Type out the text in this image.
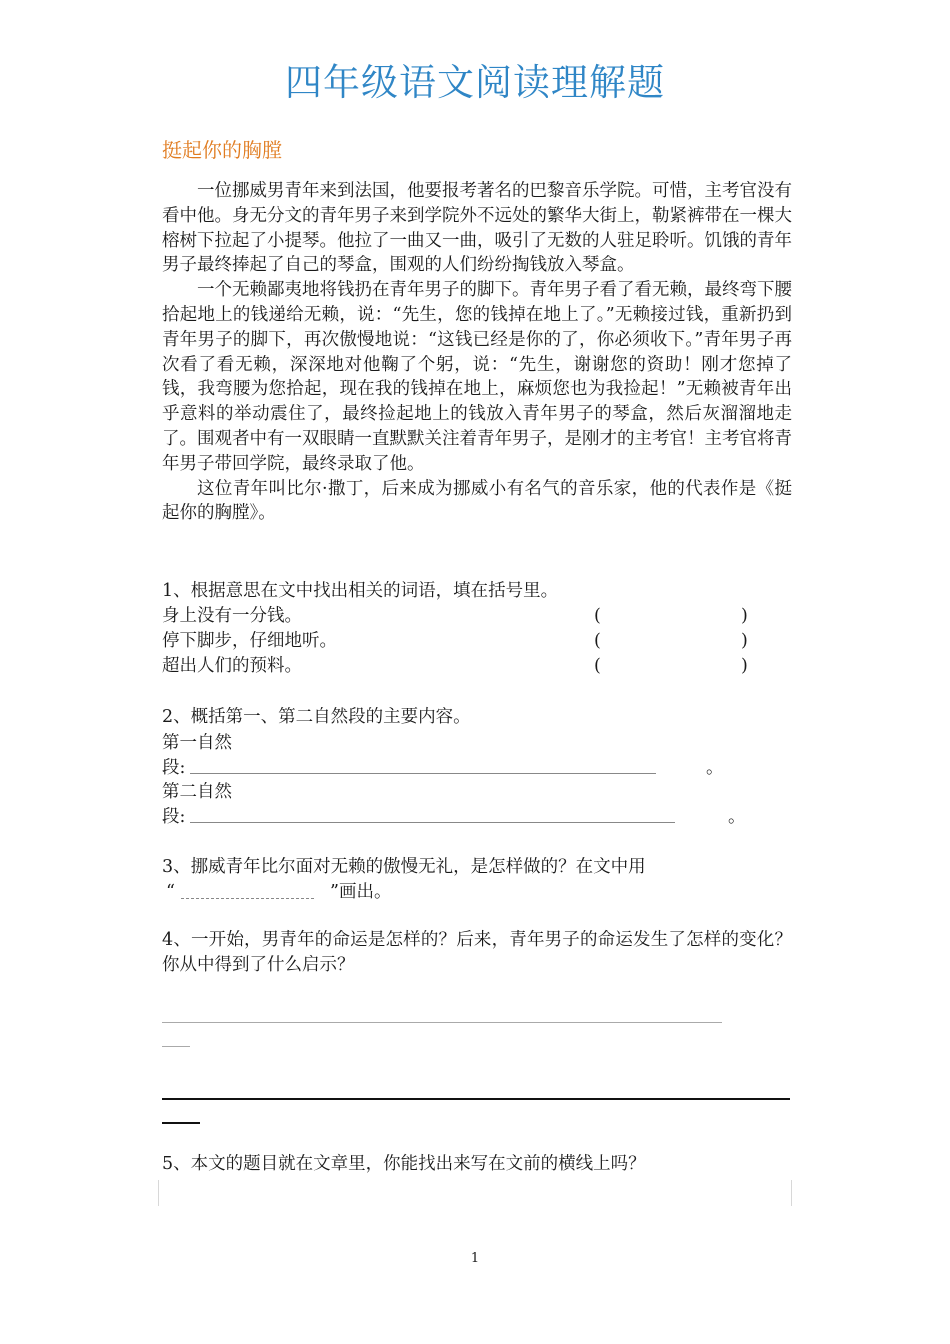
四年级语文阅读理解题
挺起你的胸膛

一位挪威男青年来到法国，他要报考著名的巴黎音乐学院。可惜，主考官没有看中他。身无分文的青年男子来到学院外不远处的繁华大街上，勒紧裤带在一棵大榕树下拉起了小提琴。他拉了一曲又一曲，吸引了无数的人驻足聆听。饥饿的青年男子最终捧起了自己的琴盒，围观的人们纷纷掏钱放入琴盒。

一个无赖鄙夷地将钱扔在青年男子的脚下。青年男子看了看无赖，最终弯下腰拾起地上的钱递给无赖，说：“先生，您的钱掉在地上了。”无赖接过钱，重新扔到青年男子的脚下，再次傲慢地说：“这钱已经是你的了，你必须收下。”青年男子再次看了看无赖，深深地对他鞠了个躬，说：“先生，谢谢您的资助！刚才您掉了钱，我弯腰为您拾起，现在我的钱掉在地上，麻烦您也为我捡起！”无赖被青年出乎意料的举动震住了，最终捡起地上的钱放入青年男子的琴盒，然后灰溜溜地走了。围观者中有一双眼睛一直默默关注着青年男子，是刚才的主考官！主考官将青年男子带回学院，最终录取了他。

这位青年叫比尔·撒丁，后来成为挪威小有名气的音乐家，他的代表作是《挺起你的胸膛》。

1、根据意思在文中找出相关的词语，填在括号里。
身上没有一分钱。	(	)
停下脚步，仔细地听。	(	)
超出人们的预料。	(	)
2、概括第一、第二自然段的主要内容。
第一自然
段:	。
第二自然
段:	。
3、挪威青年比尔面对无赖的傲慢无礼，是怎样做的？在文中用
“	”画出。
4、一开始，男青年的命运是怎样的？后来，青年男子的命运发生了怎样的变化？你从中得到了什么启示？
5、本文的题目就在文章里，你能找出来写在文前的横线上吗？
1
